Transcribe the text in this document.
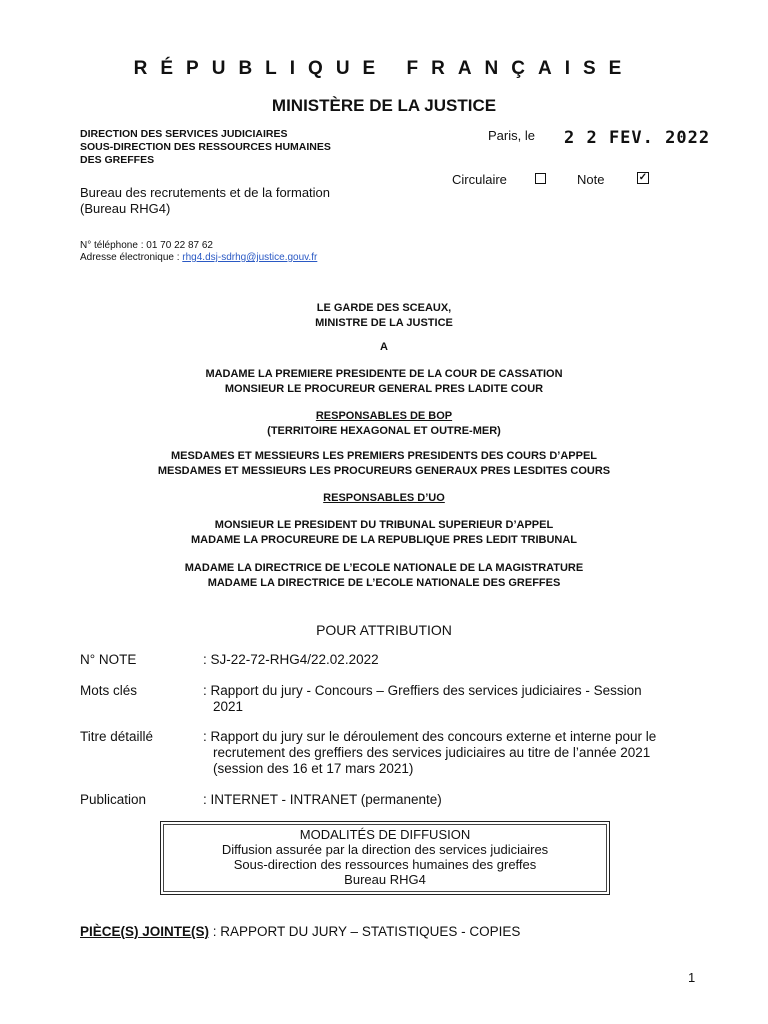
RÉPUBLIQUE FRANÇAISE
MINISTÈRE DE LA JUSTICE
DIRECTION DES SERVICES JUDICIAIRES
SOUS-DIRECTION DES RESSOURCES HUMAINES
DES GREFFES
Bureau des recrutements et de la formation
(Bureau RHG4)
N° téléphone : 01 70 22 87 62
Adresse électronique : rhg4.dsj-sdrhg@justice.gouv.fr
Paris, le 2 2 FEV. 2022
Circulaire	Note	✓
LE GARDE DES SCEAUX,
MINISTRE DE LA JUSTICE
A
MADAME LA PREMIERE PRESIDENTE DE LA COUR DE CASSATION
MONSIEUR LE PROCUREUR GENERAL PRES LADITE COUR
RESPONSABLES DE BOP
(TERRITOIRE HEXAGONAL ET OUTRE-MER)
MESDAMES ET MESSIEURS LES PREMIERS PRESIDENTS DES COURS D’APPEL
MESDAMES ET MESSIEURS LES PROCUREURS GENERAUX PRES LESDITES COURS
RESPONSABLES D’UO
MONSIEUR LE PRESIDENT DU TRIBUNAL SUPERIEUR D’APPEL
MADAME LA PROCUREURE DE LA REPUBLIQUE PRES LEDIT TRIBUNAL
MADAME LA DIRECTRICE DE L’ECOLE NATIONALE DE LA MAGISTRATURE
MADAME LA DIRECTRICE DE L’ECOLE NATIONALE DES GREFFES
POUR ATTRIBUTION
N° NOTE	: SJ-22-72-RHG4/22.02.2022
Mots clés	: Rapport du jury - Concours – Greffiers des services judiciaires - Session
2021
Titre détaillé	: Rapport du jury sur le déroulement des concours externe et interne pour le
recrutement des greffiers des services judiciaires au titre de l’année 2021
(session des 16 et 17 mars 2021)
Publication	: INTERNET - INTRANET (permanente)
MODALITÉS DE DIFFUSION
Diffusion assurée par la direction des services judiciaires
Sous-direction des ressources humaines des greffes
Bureau RHG4
PIÈCE(S) JOINTE(S) : RAPPORT DU JURY – STATISTIQUES - COPIES
1
